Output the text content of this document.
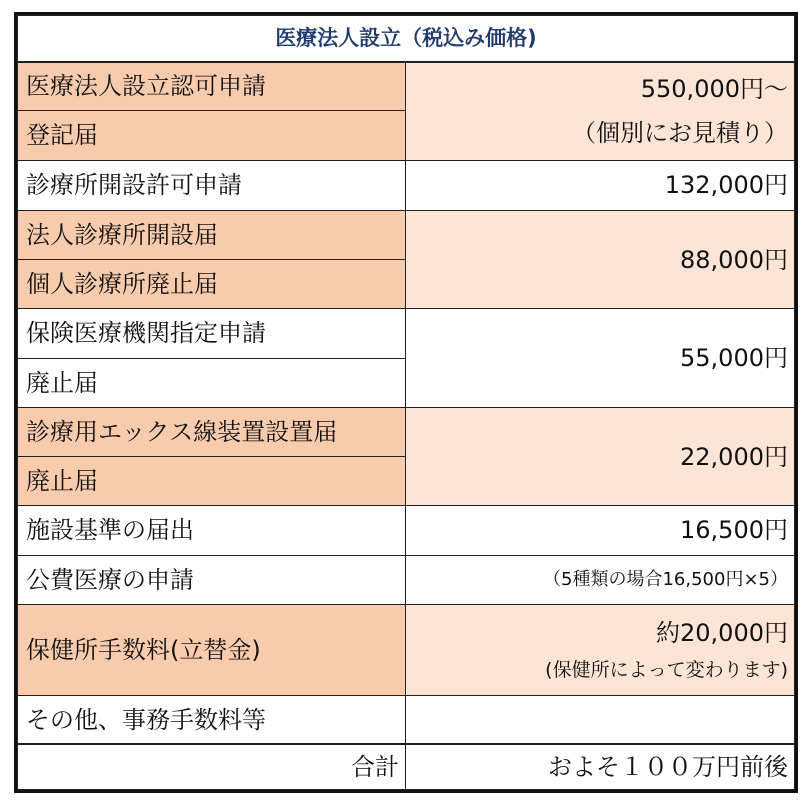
医療法人設立（税込み価格)	
医療法人設立認可申請	550,000円～
（個別にお見積り）

登記届	
診療所開設許可申請	132,000円
法人診療所開設届	88,000円
個人診療所廃止届	
保険医療機関指定申請	55,000円
廃止届	
診療用エックス線装置設置届	22,000円
廃止届	
施設基準の届出	16,500円
公費医療の申請	（5種類の場合16,500円×5）
保健所手数料(立替金)	約20,000円
(保健所によって変わります)

その他、事務手数料等	
合計	およそ１００万円前後
